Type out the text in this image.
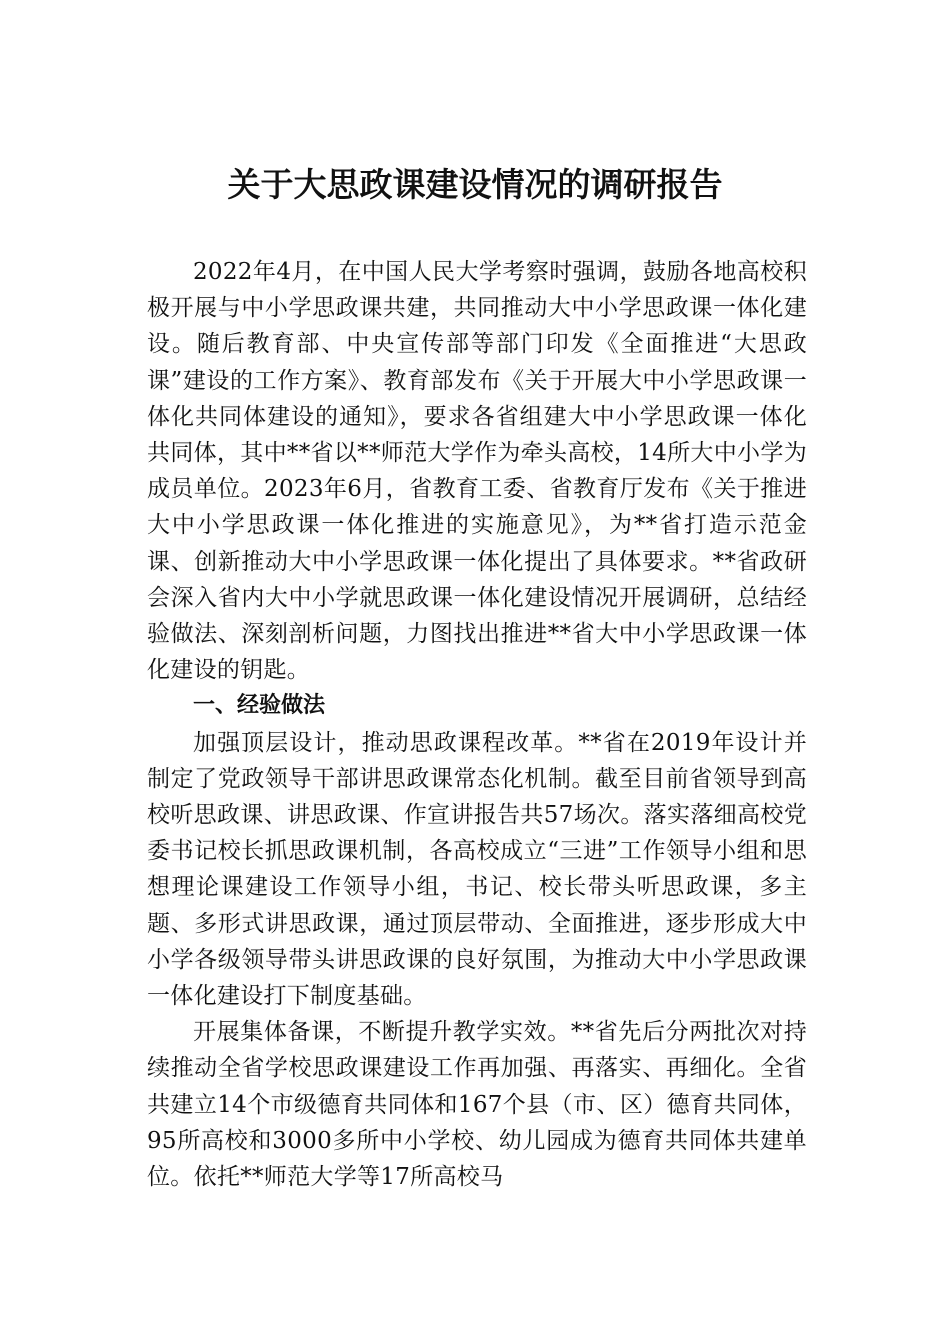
关于大思政课建设情况的调研报告

2022年4月，在中国人民大学考察时强调，鼓励各地高校积极开展与中小学思政课共建，共同推动大中小学思政课一体化建设。随后教育部、中央宣传部等部门印发《全面推进“大思政课”建设的工作方案》、教育部发布《关于开展大中小学思政课一体化共同体建设的通知》，要求各省组建大中小学思政课一体化共同体，其中**省以**师范大学作为牵头高校，14所大中小学为成员单位。2023年6月，省教育工委、省教育厅发布《关于推进大中小学思政课一体化推进的实施意见》，为**省打造示范金课、创新推动大中小学思政课一体化提出了具体要求。**省政研会深入省内大中小学就思政课一体化建设情况开展调研，总结经验做法、深刻剖析问题，力图找出推进**省大中小学思政课一体化建设的钥匙。

一、经验做法

加强顶层设计，推动思政课程改革。**省在2019年设计并制定了党政领导干部讲思政课常态化机制。截至目前省领导到高校听思政课、讲思政课、作宣讲报告共57场次。落实落细高校党委书记校长抓思政课机制，各高校成立“三进”工作领导小组和思想理论课建设工作领导小组，书记、校长带头听思政课，多主题、多形式讲思政课，通过顶层带动、全面推进，逐步形成大中小学各级领导带头讲思政课的良好氛围，为推动大中小学思政课一体化建设打下制度基础。

开展集体备课，不断提升教学实效。**省先后分两批次对持续推动全省学校思政课建设工作再加强、再落实、再细化。全省共建立14个市级德育共同体和167个县（市、区）德育共同体，95所高校和3000多所中小学校、幼儿园成为德育共同体共建单位。依托**师范大学等17所高校马
